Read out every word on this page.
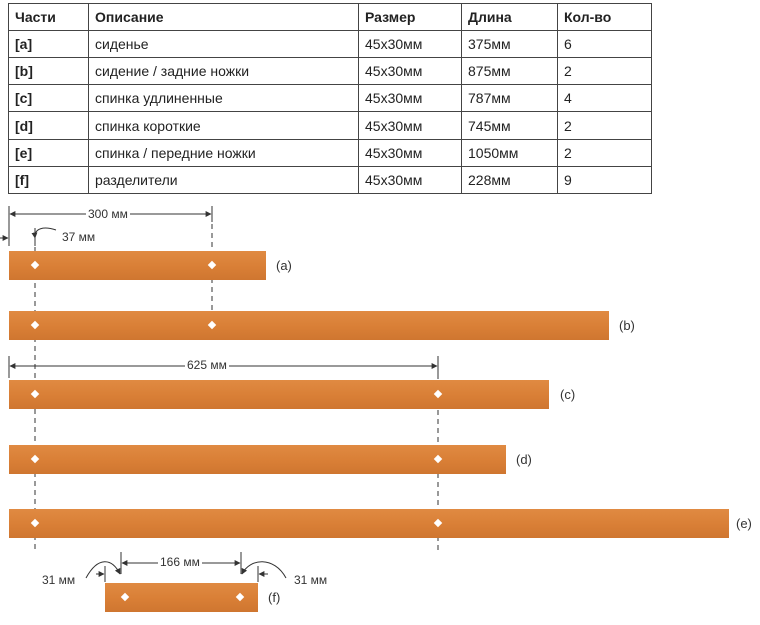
Части	Описание	Размер	Длина	Кол-во
[a]	сиденье	45х30мм	375мм	6
[b]	сидение / задние ножки	45х30мм	875мм	2
[c]	спинка удлиненные	45х30мм	787мм	4
[d]	спинка короткие	45х30мм	745мм	2
[e]	спинка / передние ножки	45х30мм	1050мм	2
[f]	разделители	45х30мм	228мм	9
300 мм
37 мм
625 мм
166 мм
31 мм	31 мм
(a)
(b)
(c)
(d)
(e)
(f)
